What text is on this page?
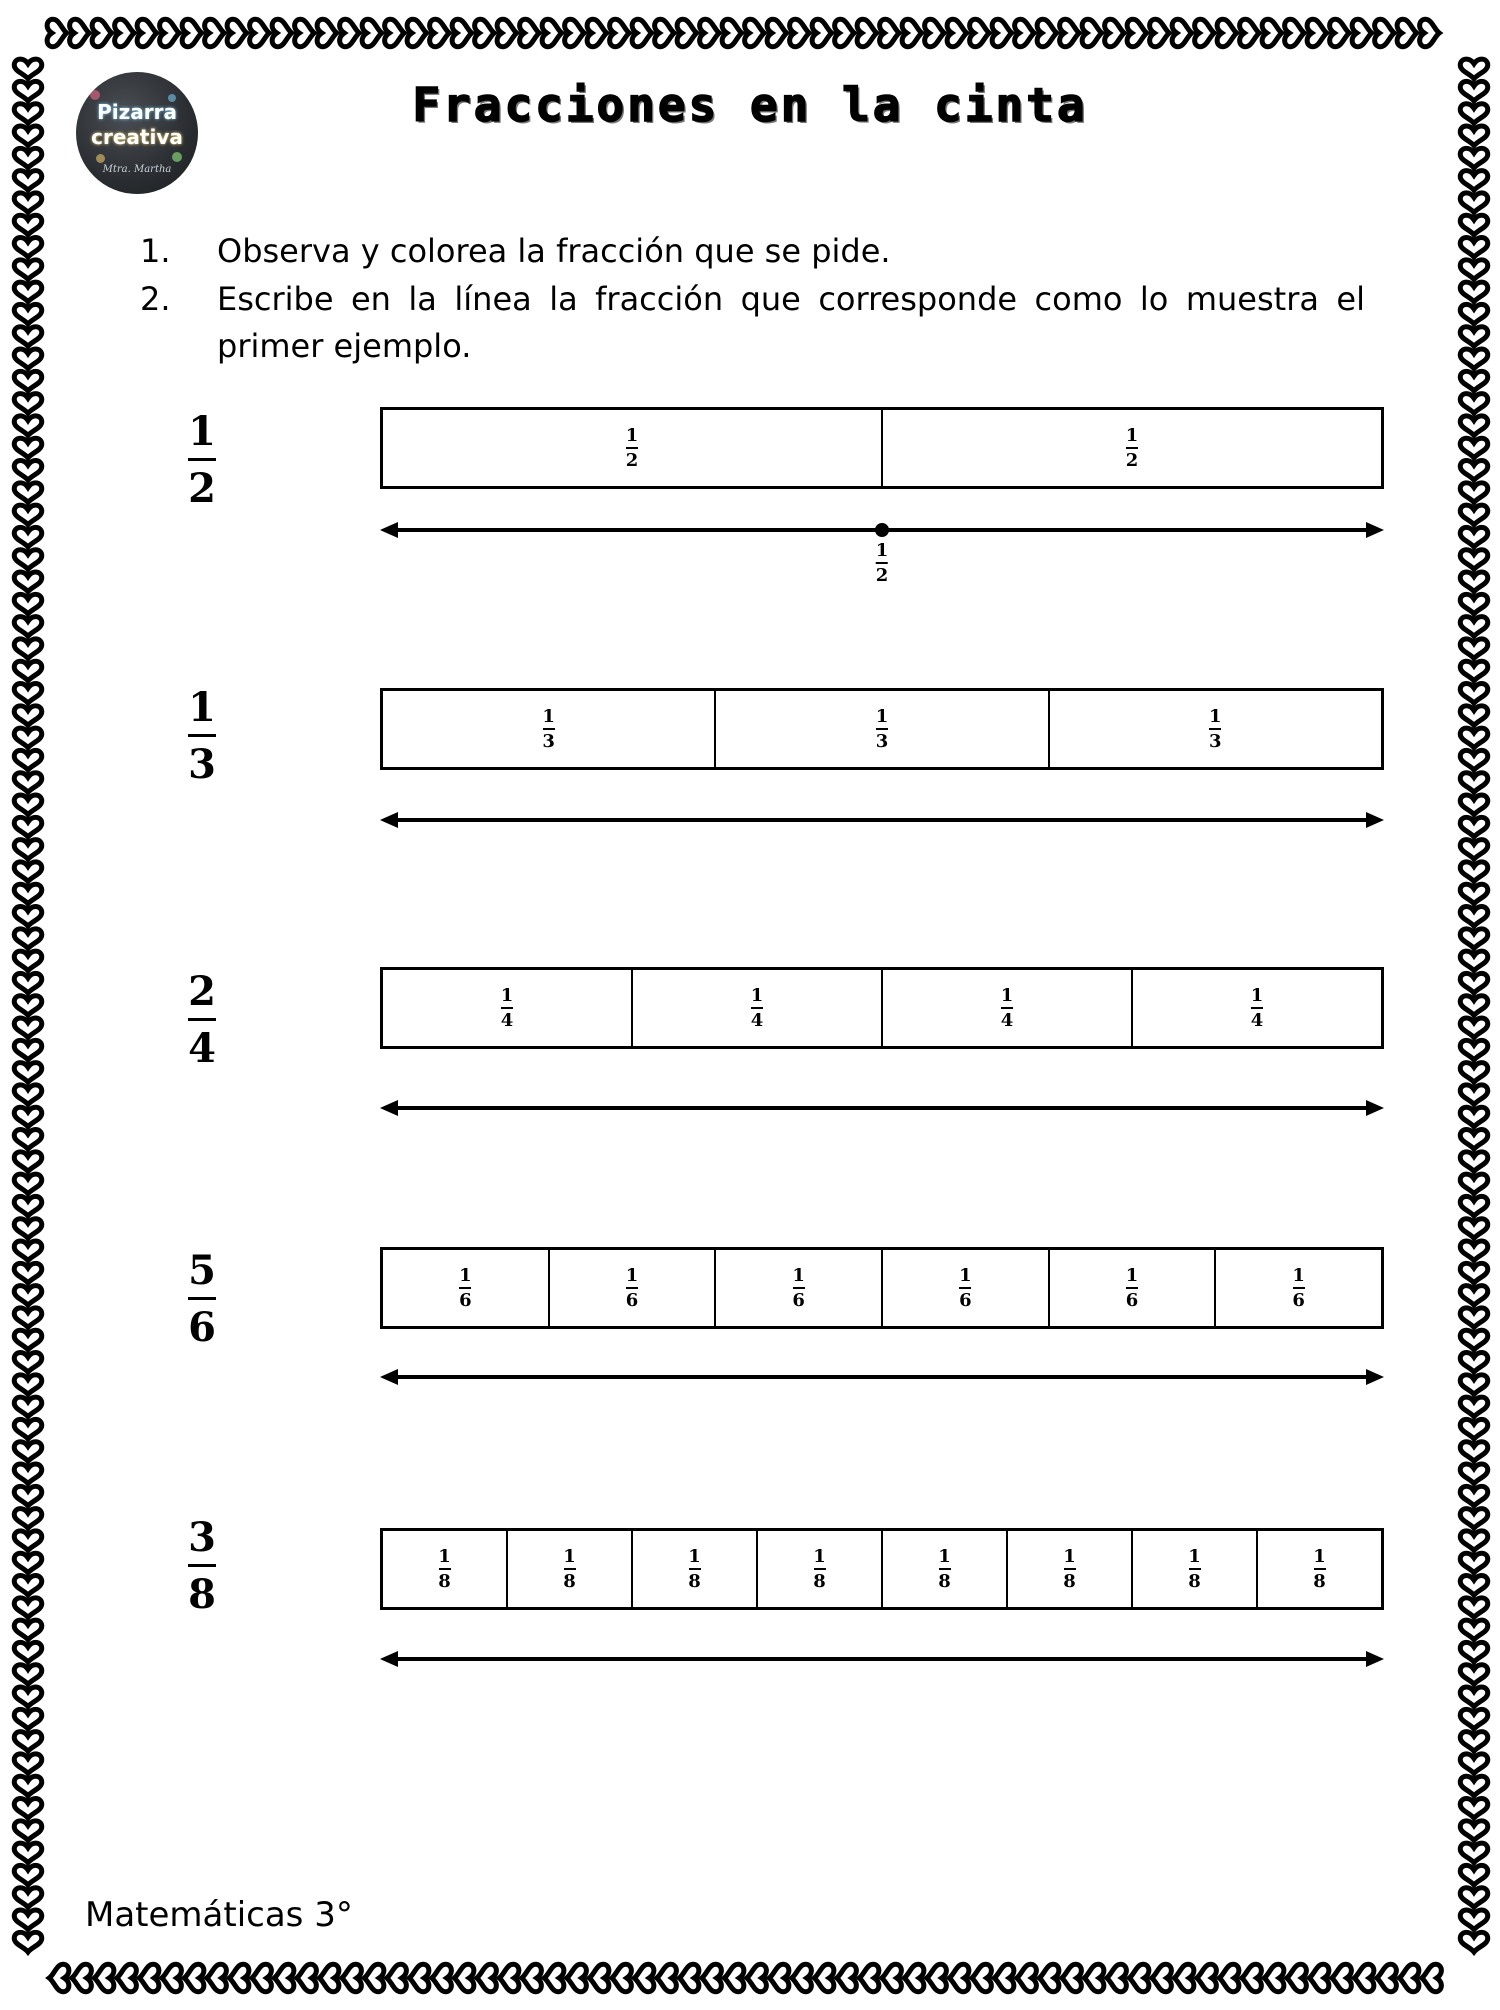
Pizarra
creativa
Mtra. Martha
Fracciones en la cinta
1. Observa y colorea la fracción que se pide.
2. Escribe en la línea la fracción que corresponde como lo muestra el primer ejemplo.
1
2
1
2
1
2
1
2
1
3
1
3
1
3
1
3
2
4
1
4
1
4
1
4
1
4
5
6
1
6
1
6
1
6
1
6
1
6
1
6
3
8
1
8
1
8
1
8
1
8
1
8
1
8
1
8
1
8
Matemáticas 3°
